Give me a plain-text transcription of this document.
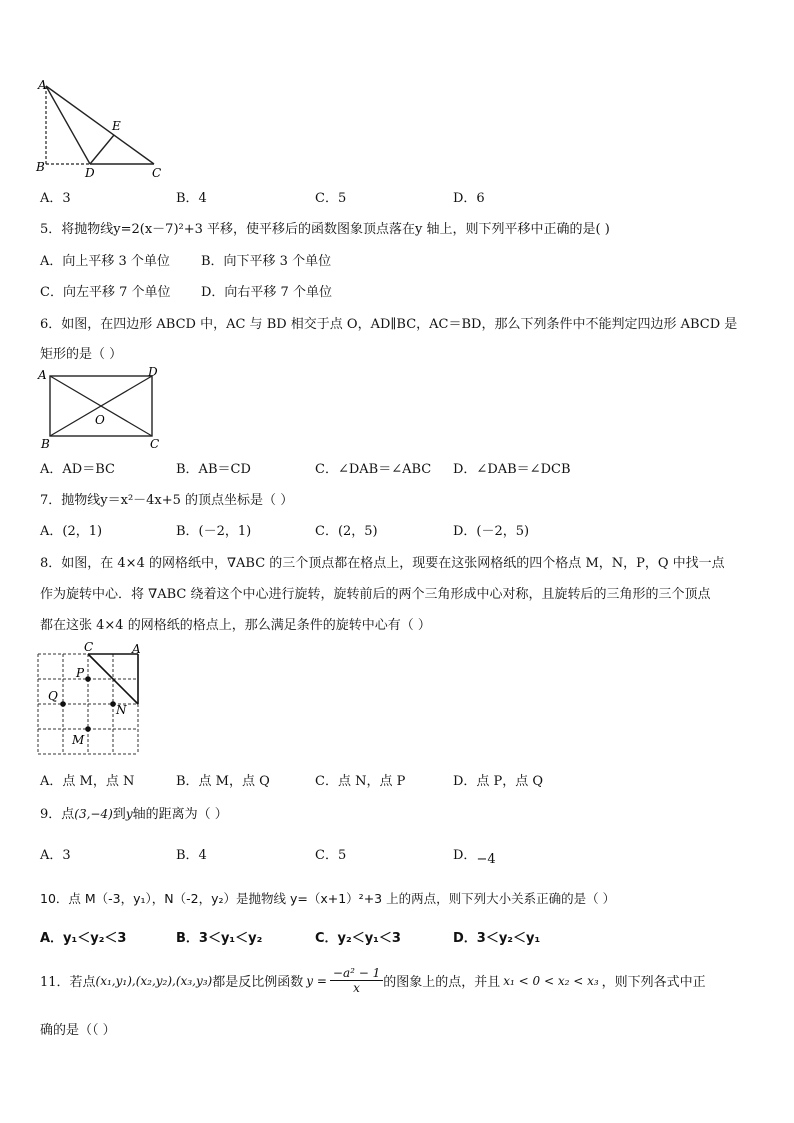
A
B	D
E
C
A．3	B．4	C．5	D．6
5．将抛物线y=2(x－7)²+3 平移，使平移后的函数图象顶点落在y 轴上，则下列平移中正确的是( )
A．向上平移 3 个单位 B．向下平移 3 个单位
C．向左平移 7 个单位 D．向右平移 7 个单位
6．如图，在四边形 ABCD 中，AC 与 BD 相交于点 O，AD∥BC，AC＝BD，那么下列条件中不能判定四边形 ABCD 是
矩形的是（ ）
A	D
O
B	C
A．AD＝BC	B．AB＝CD	C．∠DAB＝∠ABC D．∠DAB＝∠DCB
7．抛物线y＝x²－4x+5 的顶点坐标是（ ）
A．(2，1)	B．(－2，1)	C．(2，5)	D．(－2，5)
8．如图，在 4×4 的网格纸中，∇ABC 的三个顶点都在格点上，现要在这张网格纸的四个格点 M，N，P，Q 中找一点
作为旋转中心．将 ∇ABC 绕着这个中心进行旋转，旋转前后的两个三角形成中心对称，且旋转后的三角形的三个顶点
都在这张 4×4 的网格纸的格点上，那么满足条件的旋转中心有（ ）
C	A
P
Q
N
M
A．点 M，点 N	B．点 M，点 Q	C．点 N，点 P	D．点 P，点 Q
9．点(3,−4)到y轴的距离为（ ）
A．3	B．4	C．5	D．−4
10．点 M（-3，y₁），N（-2，y₂）是抛物线 y=（x+1）²+3 上的两点，则下列大小关系正确的是（ ）
A．y₁＜y₂＜3	B．3＜y₁＜y₂	C．y₂＜y₁＜3	D．3＜y₂＜y₁
11．若点 (x₁,y₁),(x₂,y₂),(x₃,y₃) 都是反比例函数 $y = \frac{\text{−a² − 1}}{x}$ 的图象上的点，并且 x₁ < 0 < x₂ < x₃ ，则下列各式中正
确的是（（ ）
